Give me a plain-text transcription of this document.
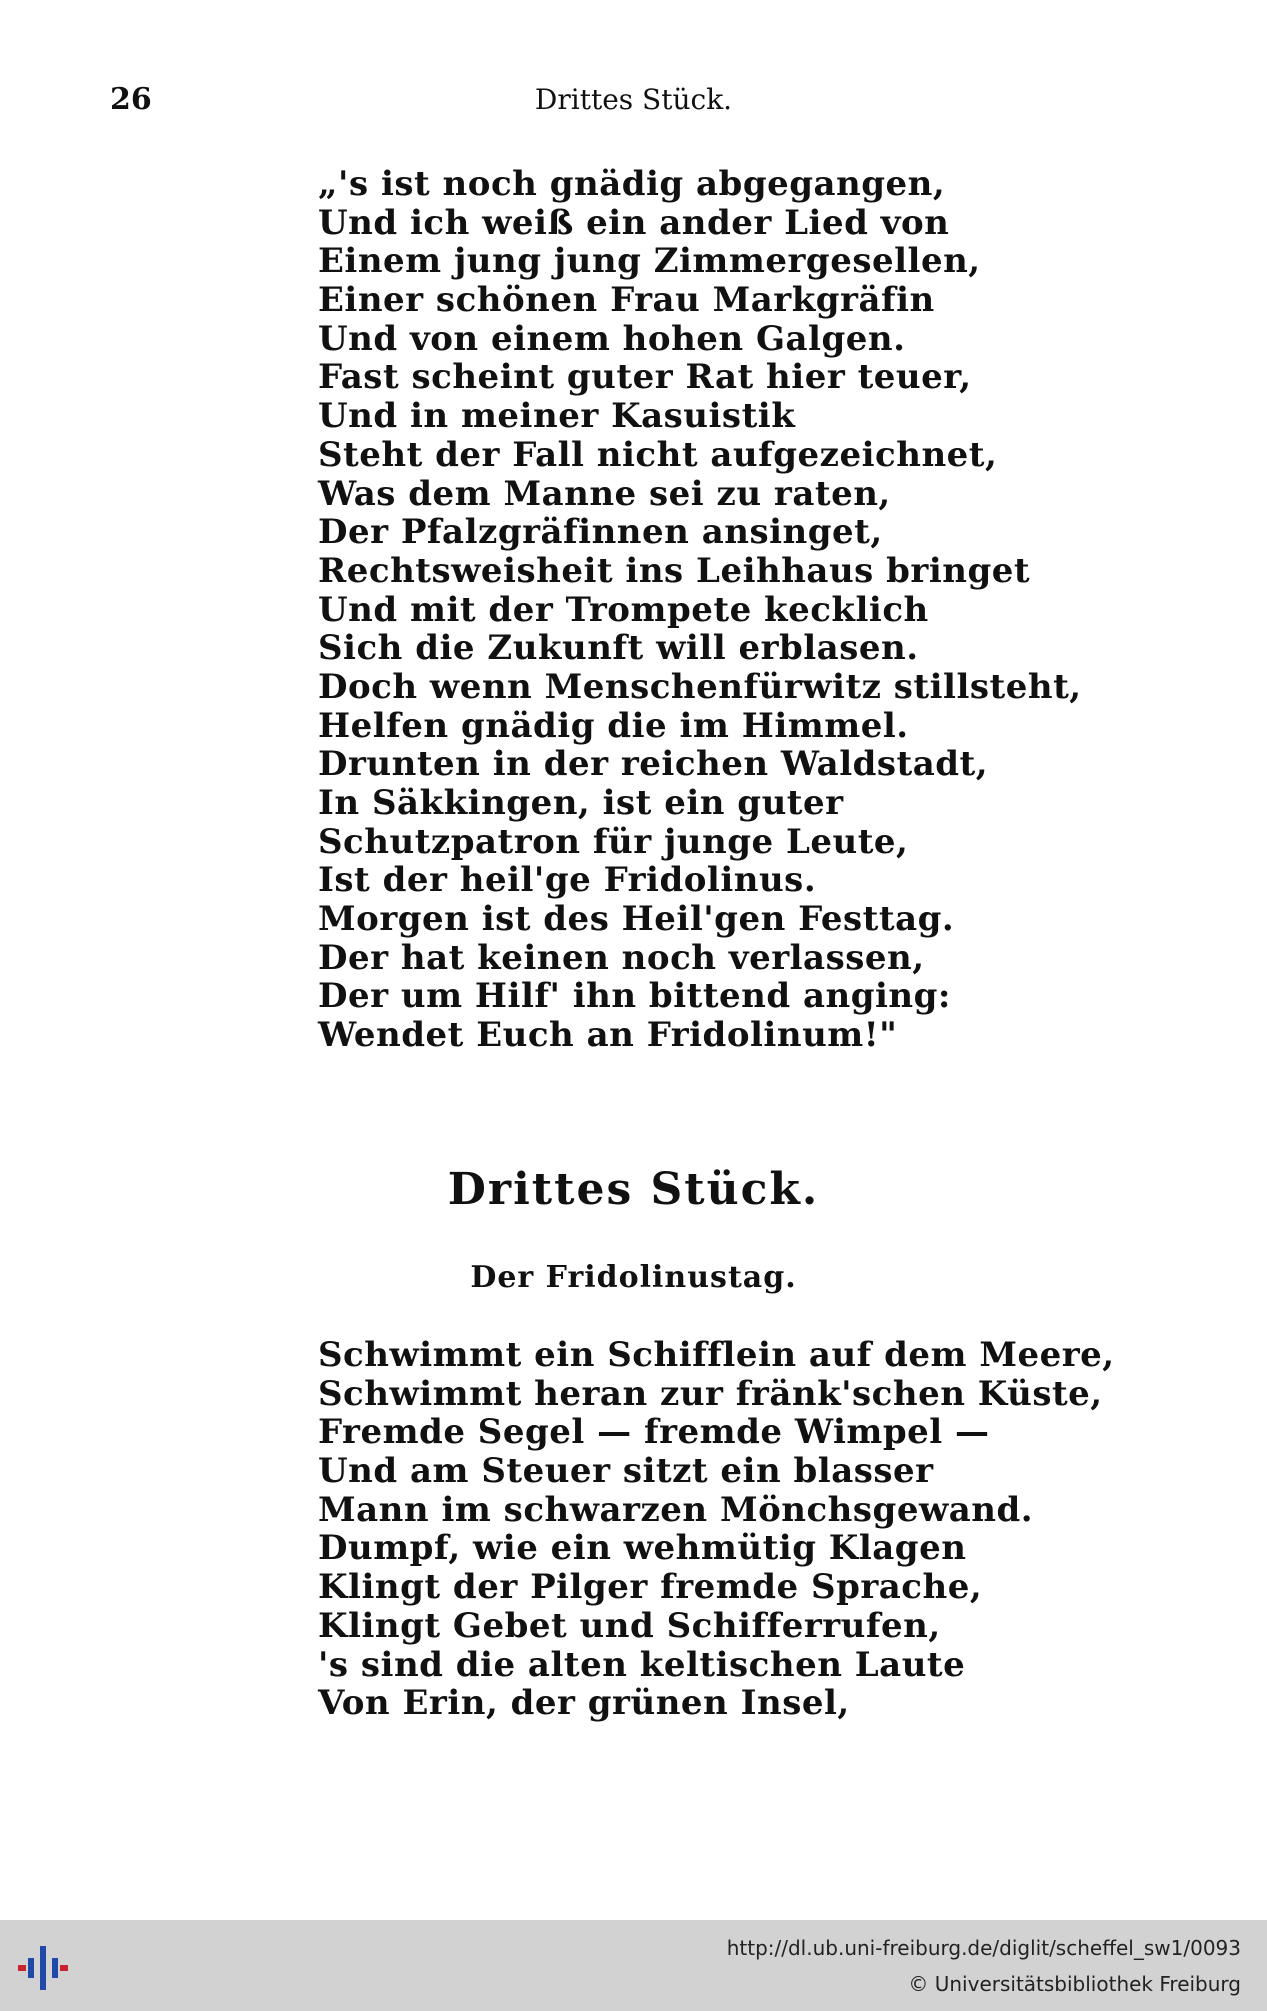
26	Drittes Stück.
„'s ist noch gnädig abgegangen,
Und ich weiß ein ander Lied von
Einem jung jung Zimmergesellen,
Einer schönen Frau Markgräfin
Und von einem hohen Galgen.
Fast scheint guter Rat hier teuer,
Und in meiner Kasuistik
Steht der Fall nicht aufgezeichnet,
Was dem Manne sei zu raten,
Der Pfalzgräfinnen ansinget,
Rechtsweisheit ins Leihhaus bringet
Und mit der Trompete kecklich
Sich die Zukunft will erblasen.
Doch wenn Menschenfürwitz stillsteht,
Helfen gnädig die im Himmel.
Drunten in der reichen Waldstadt,
In Säkkingen, ist ein guter
Schutzpatron für junge Leute,
Ist der heil'ge Fridolinus.
Morgen ist des Heil'gen Festtag.
Der hat keinen noch verlassen,
Der um Hilf' ihn bittend anging:
Wendet Euch an Fridolinum!"
Drittes Stück.
Der Fridolinustag.
Schwimmt ein Schifflein auf dem Meere,
Schwimmt heran zur fränk'schen Küste,
Fremde Segel — fremde Wimpel —
Und am Steuer sitzt ein blasser
Mann im schwarzen Mönchsgewand.
Dumpf, wie ein wehmütig Klagen
Klingt der Pilger fremde Sprache,
Klingt Gebet und Schifferrufen,
's sind die alten keltischen Laute
Von Erin, der grünen Insel,
http://dl.ub.uni-freiburg.de/diglit/scheffel_sw1/0093
© Universitätsbibliothek Freiburg
